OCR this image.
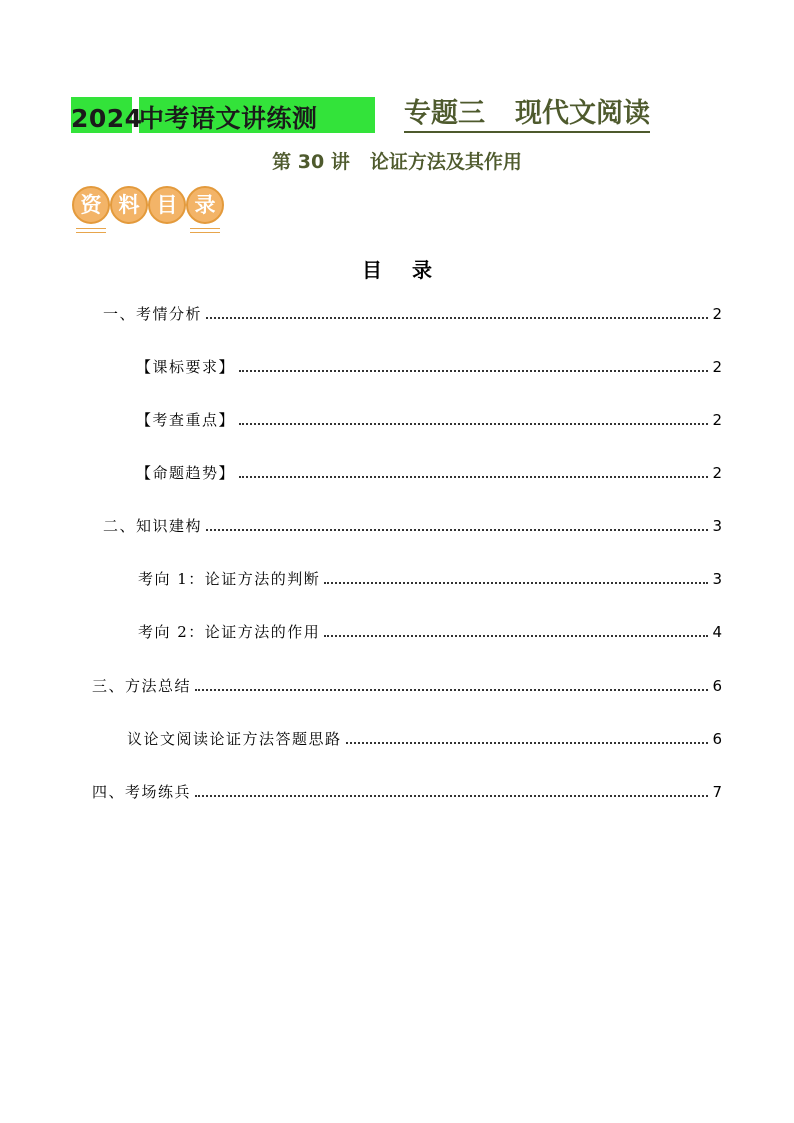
2024中考语文讲练测	专题三 现代文阅读
第 30 讲 论证方法及其作用
资 料 目 录
目录
一、考情分析	2
【课标要求】	2
【考查重点】	2
【命题趋势】	2
二、知识建构	3
考向 1：论证方法的判断	3
考向 2：论证方法的作用	4
三、方法总结	6
议论文阅读论证方法答题思路	6
四、考场练兵	7
